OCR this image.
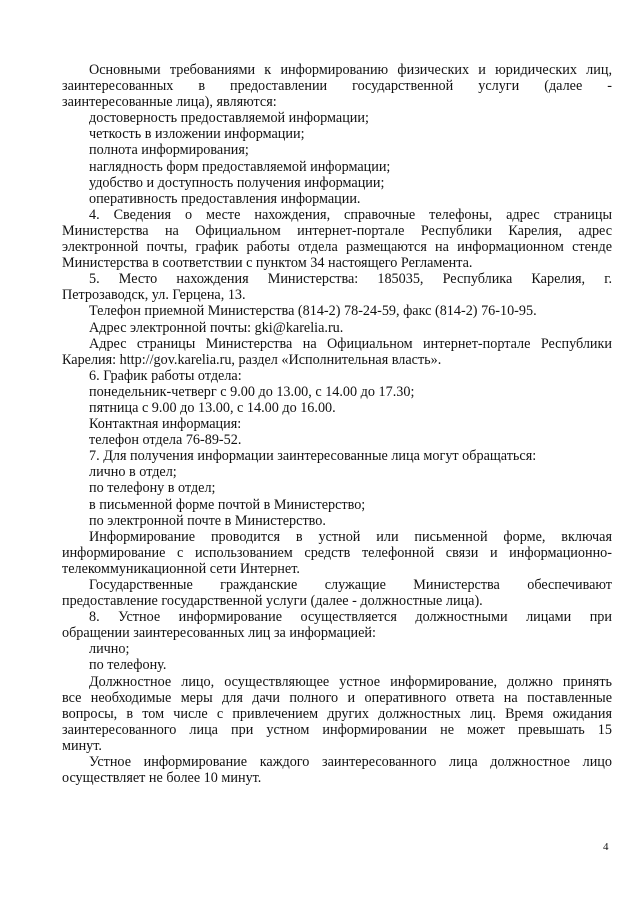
Основными требованиями к информированию физических и юридических лиц,

заинтересованных в предоставлении государственной услуги (далее -

заинтересованные лица), являются:

достоверность предоставляемой информации;

четкость в изложении информации;

полнота информирования;

наглядность форм предоставляемой информации;

удобство и доступность получения информации;

оперативность предоставления информации.

4. Сведения о месте нахождения, справочные телефоны, адрес страницы

Министерства на Официальном интернет-портале Республики Карелия, адрес

электронной почты, график работы отдела размещаются на информационном стенде

Министерства в соответствии с пунктом 34 настоящего Регламента.

5. Место нахождения Министерства: 185035, Республика Карелия, г.

Петрозаводск, ул. Герцена, 13.

Телефон приемной Министерства (814-2) 78-24-59, факс (814-2) 76-10-95.

Адрес электронной почты: gki@karelia.ru.

Адрес страницы Министерства на Официальном интернет-портале Республики

Карелия: http://gov.karelia.ru, раздел «Исполнительная власть».

6. График работы отдела:

понедельник-четверг с 9.00 до 13.00, с 14.00 до 17.30;

пятница с 9.00 до 13.00, с 14.00 до 16.00.

Контактная информация:

телефон отдела 76-89-52.

7. Для получения информации заинтересованные лица могут обращаться:

лично в отдел;

по телефону в отдел;

в письменной форме почтой в Министерство;

по электронной почте в Министерство.

Информирование проводится в устной или письменной форме, включая

информирование с использованием средств телефонной связи и информационно-

телекоммуникационной сети Интернет.

Государственные гражданские служащие Министерства обеспечивают

предоставление государственной услуги (далее - должностные лица).

8. Устное информирование осуществляется должностными лицами при

обращении заинтересованных лиц за информацией:

лично;

по телефону.

Должностное лицо, осуществляющее устное информирование, должно принять

все необходимые меры для дачи полного и оперативного ответа на поставленные

вопросы, в том числе с привлечением других должностных лиц. Время ожидания

заинтересованного лица при устном информировании не может превышать 15

минут.

Устное информирование каждого заинтересованного лица должностное лицо

осуществляет не более 10 минут.

4
